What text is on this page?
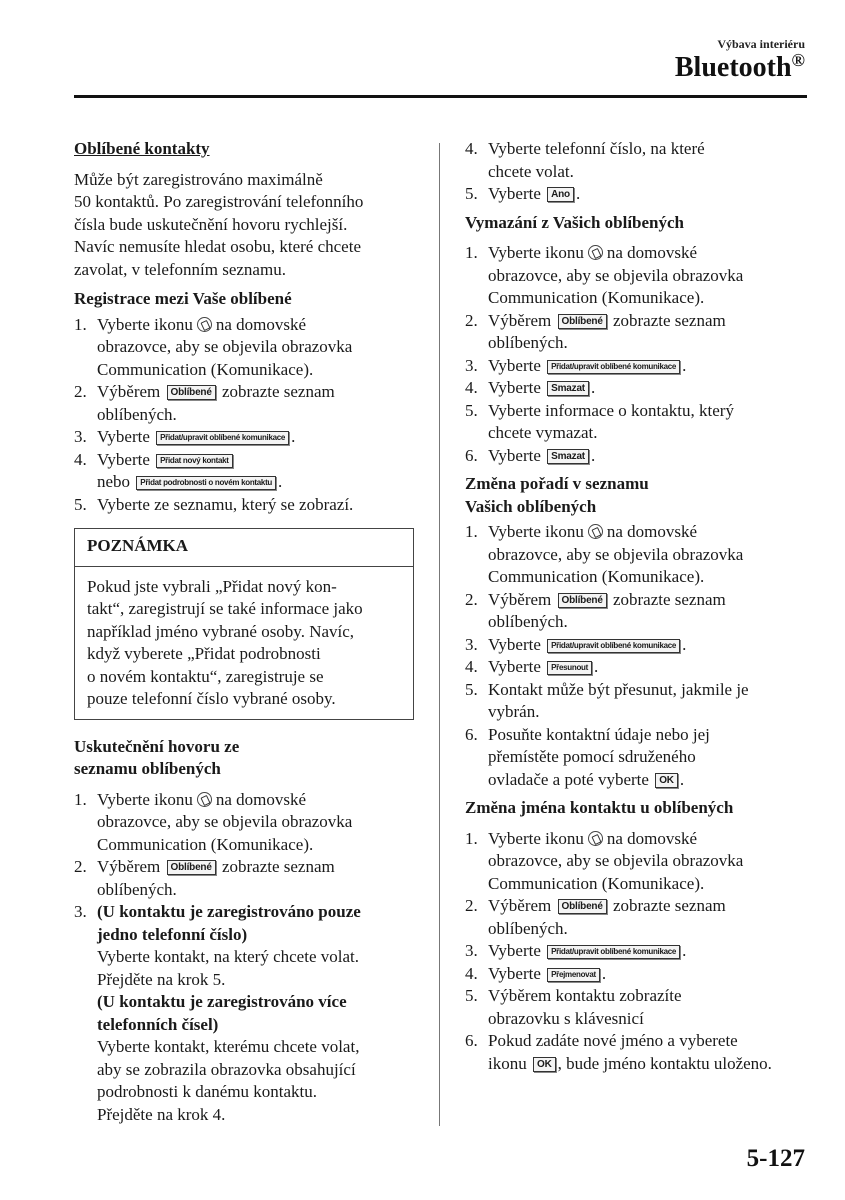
Výbava interiéru
Bluetooth®
Oblíbené kontakty
Může být zaregistrováno maximálně
50 kontaktů. Po zaregistrování telefonního
čísla bude uskutečnění hovoru rychlejší.
Navíc nemusíte hledat osobu, které chcete
zavolat, v telefonním seznamu.
Registrace mezi Vaše oblíbené
1. Vyberte ikonu na domovské
obrazovce, aby se objevila obrazovka
Communication (Komunikace).
2. Výběrem Oblíbené zobrazte seznam
oblíbených.
3. Vyberte Přidat/upravit oblíbené komunikace .
4. Vyberte Přidat nový kontakt
nebo Přidat podrobnosti o novém kontaktu .
5. Vyberte ze seznamu, který se zobrazí.
POZNÁMKA
Pokud jste vybrali „Přidat nový kon-
takt“, zaregistrují se také informace jako
například jméno vybrané osoby. Navíc,
když vyberete „Přidat podrobnosti
o novém kontaktu“, zaregistruje se
pouze telefonní číslo vybrané osoby.
Uskutečnění hovoru ze
seznamu oblíbených
1. Vyberte ikonu na domovské
obrazovce, aby se objevila obrazovka
Communication (Komunikace).
2. Výběrem Oblíbené zobrazte seznam
oblíbených.
3. (U kontaktu je zaregistrováno pouze
jedno telefonní číslo)
Vyberte kontakt, na který chcete volat.
Přejděte na krok 5.
(U kontaktu je zaregistrováno více
telefonních čísel)
Vyberte kontakt, kterému chcete volat,
aby se zobrazila obrazovka obsahující
podrobnosti k danému kontaktu.
Přejděte na krok 4.
4. Vyberte telefonní číslo, na které
chcete volat.
5. Vyberte Ano .
Vymazání z Vašich oblíbených
1. Vyberte ikonu na domovské
obrazovce, aby se objevila obrazovka
Communication (Komunikace).
2. Výběrem Oblíbené zobrazte seznam
oblíbených.
3. Vyberte Přidat/upravit oblíbené komunikace .
4. Vyberte Smazat .
5. Vyberte informace o kontaktu, který
chcete vymazat.
6. Vyberte Smazat .
Změna pořadí v seznamu
Vašich oblíbených
1. Vyberte ikonu na domovské
obrazovce, aby se objevila obrazovka
Communication (Komunikace).
2. Výběrem Oblíbené zobrazte seznam
oblíbených.
3. Vyberte Přidat/upravit oblíbené komunikace .
4. Vyberte Přesunout .
5. Kontakt může být přesunut, jakmile je
vybrán.
6. Posuňte kontaktní údaje nebo jej
přemístěte pomocí sdruženého
ovladače a poté vyberte OK .
Změna jména kontaktu u oblíbených
1. Vyberte ikonu na domovské
obrazovce, aby se objevila obrazovka
Communication (Komunikace).
2. Výběrem Oblíbené zobrazte seznam
oblíbených.
3. Vyberte Přidat/upravit oblíbené komunikace .
4. Vyberte Přejmenovat .
5. Výběrem kontaktu zobrazíte
obrazovku s klávesnicí
6. Pokud zadáte nové jméno a vyberete
ikonu OK , bude jméno kontaktu uloženo.
5-127
